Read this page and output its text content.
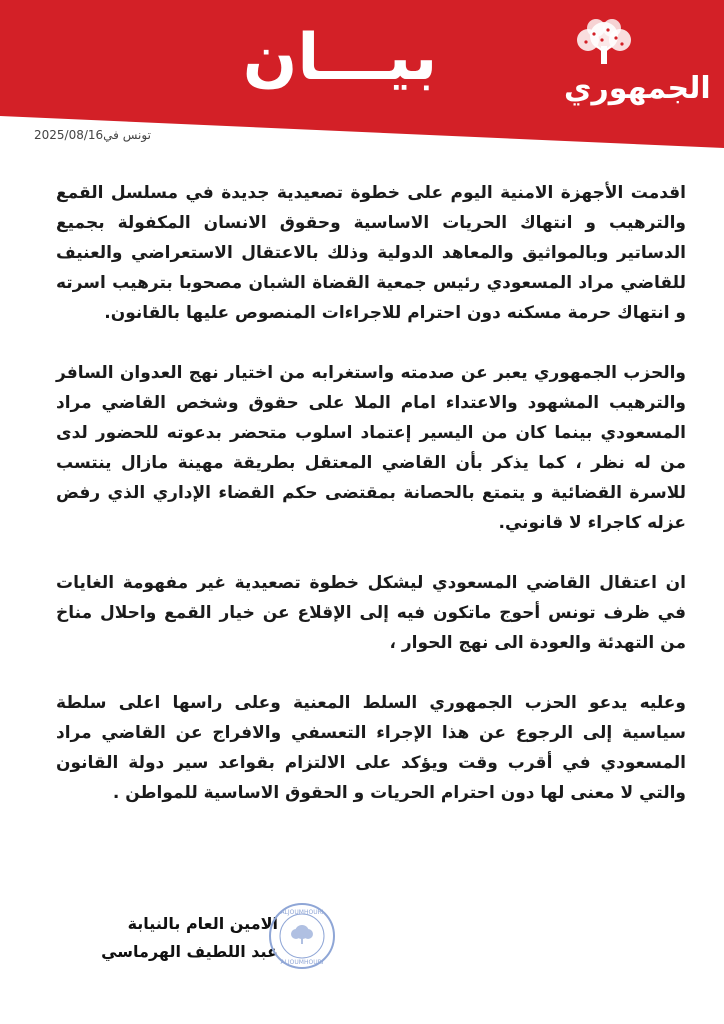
بيـــان	الجمهوري
تونس في2025/08/16

اقدمت الأجهزة الامنية اليوم على خطوة تصعيدية جديدة في مسلسل القمع والترهيب و انتهاك الحريات الاساسية وحقوق الانسان المكفولة بجميع الدساتير وبالمواثيق والمعاهد الدولية وذلك بالاعتقال الاستعراضي والعنيف للقاضي مراد المسعودي رئيس جمعية القضاة الشبان مصحوبا بترهيب اسرته و انتهاك حرمة مسكنه دون احترام للاجراءات المنصوص عليها بالقانون.

والحزب الجمهوري يعبر عن صدمته واستغرابه من اختيار نهج العدوان السافر والترهيب المشهود والاعتداء امام الملا على حقوق وشخص القاضي مراد المسعودي بينما كان من اليسير إعتماد اسلوب متحضر بدعوته للحضور لدى من له نظر ، كما يذكر بأن القاضي المعتقل بطريقة مهينة مازال ينتسب للاسرة القضائية و يتمتع بالحصانة بمقتضى حكم القضاء الإداري الذي رفض عزله كاجراء لا قانوني.

ان اعتقال القاضي المسعودي ليشكل خطوة تصعيدية غير مفهومة الغايات في ظرف تونس أحوج ماتكون فيه إلى الإقلاع عن خيار القمع واحلال مناخ من التهدئة والعودة الى نهج الحوار ،

وعليه يدعو الحزب الجمهوري السلط المعنية وعلى راسها اعلى سلطة سياسية إلى الرجوع عن هذا الإجراء التعسفي والافراج عن القاضي مراد المسعودي في أقرب وقت ويؤكد على الالتزام بقواعد سير دولة القانون والتي لا معنى لها دون احترام الحريات و الحقوق الاساسية للمواطن .

الامين العام بالنيابة
عبد اللطيف الهرماسي
ALJOUMHOURI
ALJOUMHOURI
